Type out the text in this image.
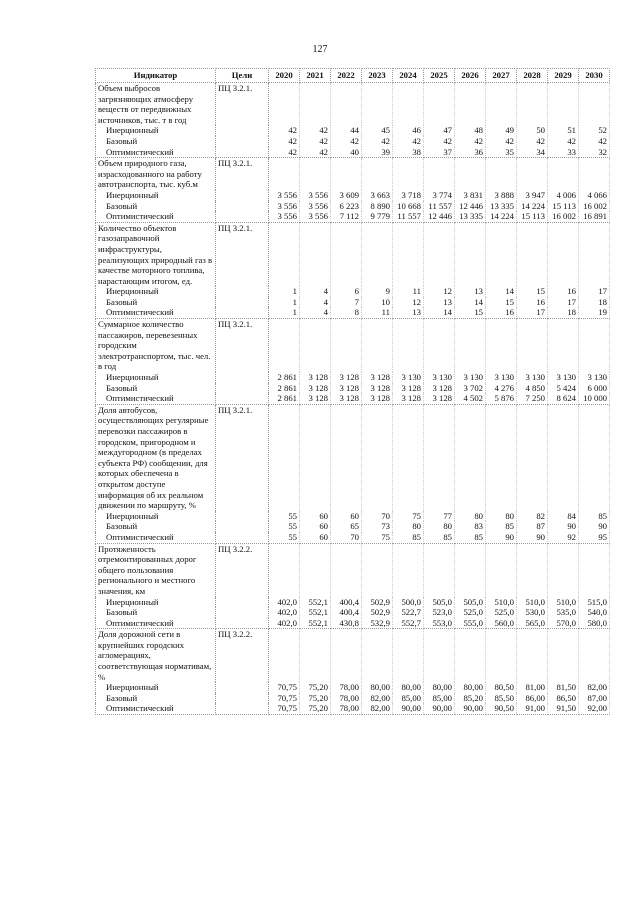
127
Индикатор	Цели	2020	2021	2022	2023	2024	2025	2026	2027	2028	2029	2030
Объем выбросов загрязняющих атмосферу веществ от передвижных источников, тыс. т в год	ПЦ 3.2.1.											
Инерционный		42	42	44	45	46	47	48	49	50	51	52
Базовый		42	42	42	42	42	42	42	42	42	42	42
Оптимистический		42	42	40	39	38	37	36	35	34	33	32
Объем природного газа, израсходованного на работу автотранспорта, тыс. куб.м	ПЦ 3.2.1.											
Инерционный		3 556	3 556	3 609	3 663	3 718	3 774	3 831	3 888	3 947	4 006	4 066
Базовый		3 556	3 556	6 223	8 890	10 668	11 557	12 446	13 335	14 224	15 113	16 002
Оптимистический		3 556	3 556	7 112	9 779	11 557	12 446	13 335	14 224	15 113	16 002	16 891
Количество объектов газозаправочной инфраструктуры, реализующих природный газ в качестве моторного топлива, нарастающим итогом, ед.	ПЦ 3.2.1.											
Инерционный		1	4	6	9	11	12	13	14	15	16	17
Базовый		1	4	7	10	12	13	14	15	16	17	18
Оптимистический		1	4	8	11	13	14	15	16	17	18	19
Суммарное количество пассажиров, перевезенных городским электротранспортом, тыс. чел. в год	ПЦ 3.2.1.											
Инерционный		2 861	3 128	3 128	3 128	3 130	3 130	3 130	3 130	3 130	3 130	3 130
Базовый		2 861	3 128	3 128	3 128	3 128	3 128	3 702	4 276	4 850	5 424	6 000
Оптимистический		2 861	3 128	3 128	3 128	3 128	3 128	4 502	5 876	7 250	8 624	10 000
Доля автобусов, осуществляющих регулярные перевозки пассажиров в городском, пригородном и междугородном (в пределах субъекта РФ) сообщении, для которых обеспечена в открытом доступе информация об их реальном движении по маршруту, %	ПЦ 3.2.1.											
Инерционный		55	60	60	70	75	77	80	80	82	84	85
Базовый		55	60	65	73	80	80	83	85	87	90	90
Оптимистический		55	60	70	75	85	85	85	90	90	92	95
Протяженность отремонтированных дорог общего пользования регионального и местного значения, км	ПЦ 3.2.2.											
Инерционный		402,0	552,1	400,4	502,9	500,0	505,0	505,0	510,0	510,0	510,0	515,0
Базовый		402,0	552,1	400,4	502,9	522,7	523,0	525,0	525,0	530,0	535,0	540,0
Оптимистический		402,0	552,1	430,8	532,9	552,7	553,0	555,0	560,0	565,0	570,0	580,0
Доля дорожной сети в крупнейших городских агломерациях, соответствующая нормативам, %	ПЦ 3.2.2.											
Инерционный		70,75	75,20	78,00	80,00	80,00	80,00	80,00	80,50	81,00	81,50	82,00
Базовый		70,75	75,20	78,00	82,00	85,00	85,00	85,20	85,50	86,00	86,50	87,00
Оптимистический		70,75	75,20	78,00	82,00	90,00	90,00	90,00	90,50	91,00	91,50	92,00
